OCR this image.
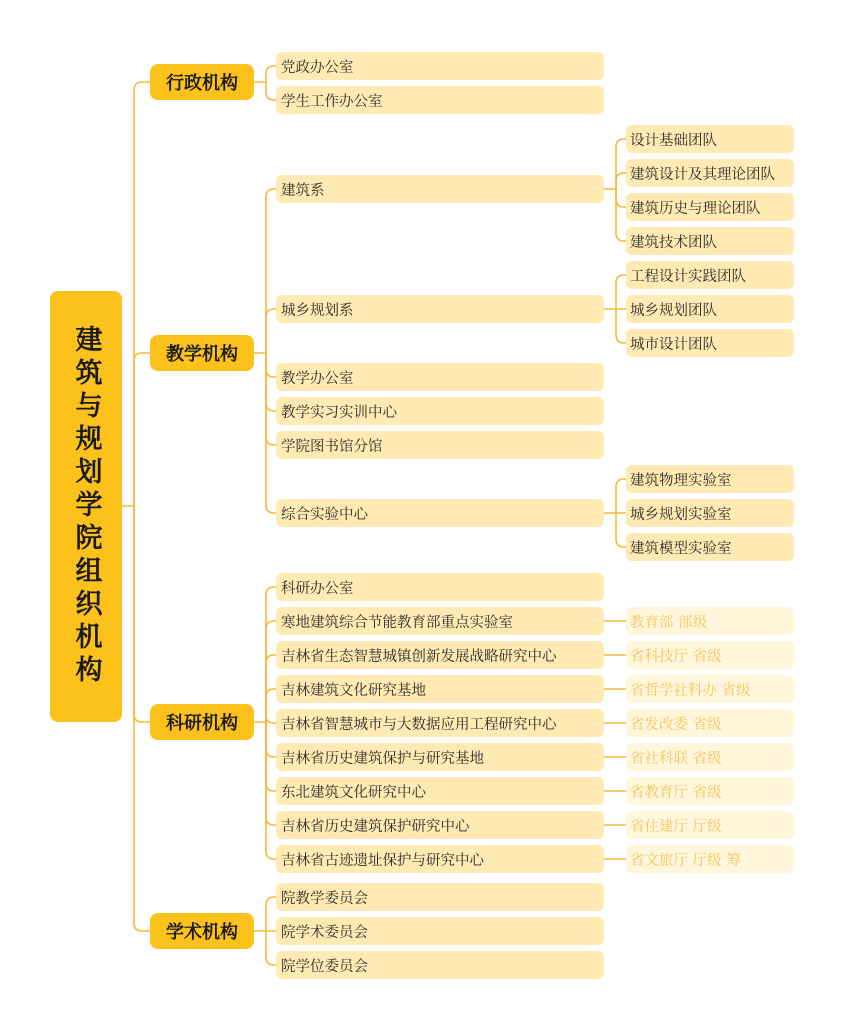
建筑与规划学院组织机构
行政机构
教学机构
科研机构
学术机构
党政办公室
学生工作办公室
建筑系
城乡规划系
教学办公室
教学实习实训中心
学院图书馆分馆
综合实验中心
设计基础团队
建筑设计及其理论团队
建筑历史与理论团队
建筑技术团队
工程设计实践团队
城乡规划团队
城市设计团队
建筑物理实验室
城乡规划实验室
建筑模型实验室
科研办公室
寒地建筑综合节能教育部重点实验室
吉林省生态智慧城镇创新发展战略研究中心
吉林建筑文化研究基地
吉林省智慧城市与大数据应用工程研究中心
吉林省历史建筑保护与研究基地
东北建筑文化研究中心
吉林省历史建筑保护研究中心
吉林省古迹遗址保护与研究中心
教育部 部级
省科技厅 省级
省哲学社科办 省级
省发改委 省级
省社科联 省级
省教育厅 省级
省住建厅 厅级
省文旅厅 厅级 筹
院教学委员会
院学术委员会
院学位委员会
